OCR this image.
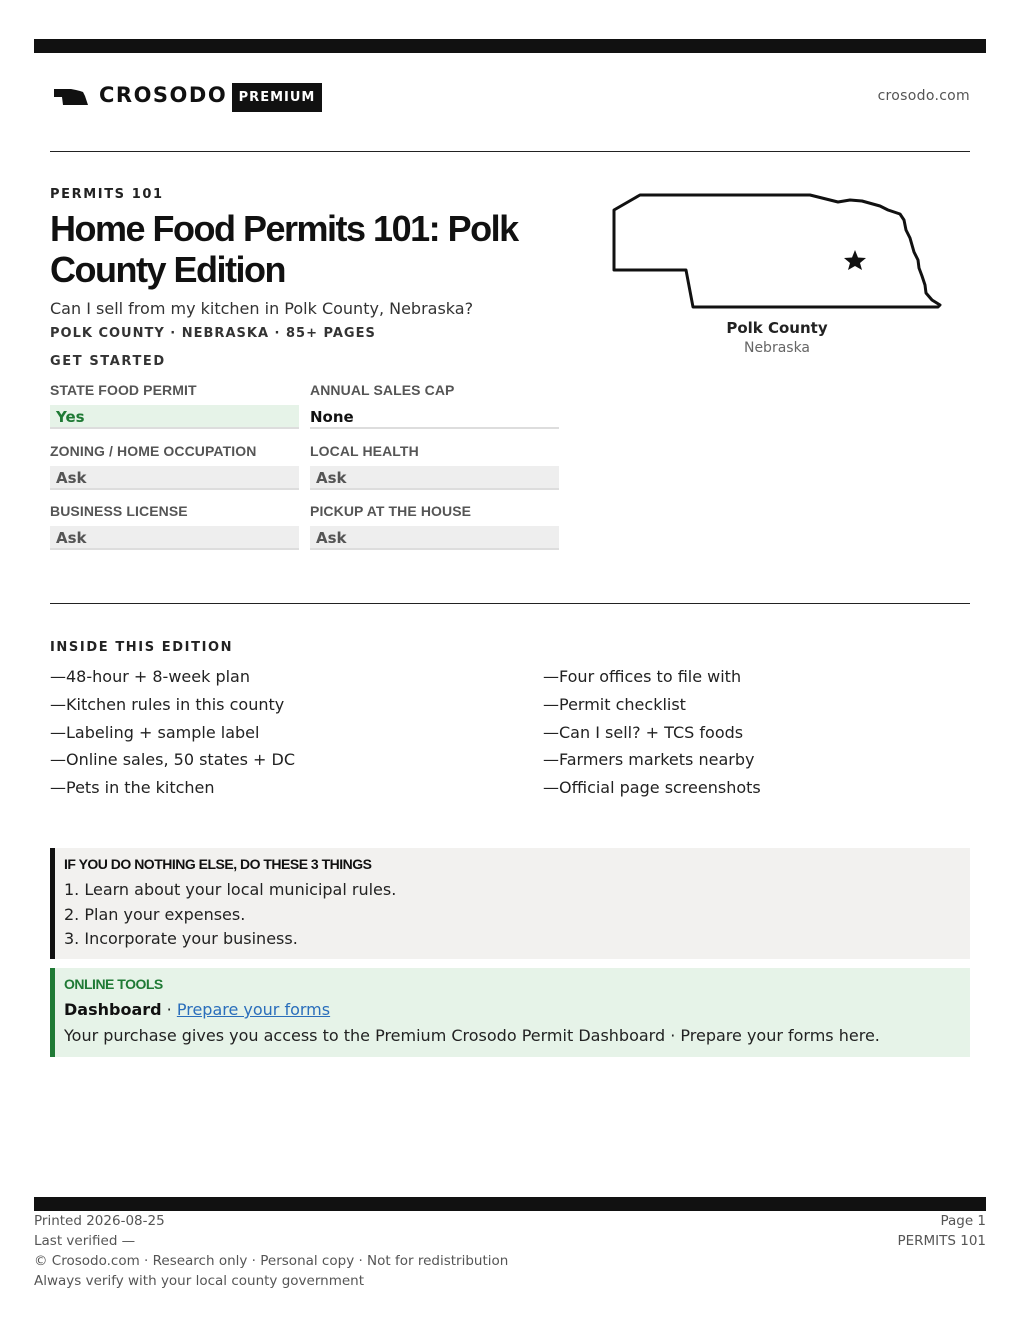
CROSODO PREMIUM	crosodo.com
PERMITS 101
Home Food Permits 101: Polk County Edition
Can I sell from my kitchen in Polk County, Nebraska?
POLK COUNTY · NEBRASKA · 85+ PAGES
GET STARTED
STATE FOOD PERMIT
Yes
ANNUAL SALES CAP
None
ZONING / HOME OCCUPATION
Ask
LOCAL HEALTH
Ask
BUSINESS LICENSE
Ask
PICKUP AT THE HOUSE
Ask
Polk County
Nebraska
INSIDE THIS EDITION
—48-hour + 8-week plan
—Kitchen rules in this county
—Labeling + sample label
—Online sales, 50 states + DC
—Pets in the kitchen
—Four offices to file with
—Permit checklist
—Can I sell? + TCS foods
—Farmers markets nearby
—Official page screenshots
IF YOU DO NOTHING ELSE, DO THESE 3 THINGS
1. Learn about your local municipal rules.
2. Plan your expenses.
3. Incorporate your business.
ONLINE TOOLS
Dashboard · Prepare your forms
Your purchase gives you access to the Premium Crosodo Permit Dashboard · Prepare your forms here.
Printed 2026-08-25
Last verified —
© Crosodo.com · Research only · Personal copy · Not for redistribution
Always verify with your local county government
Page 1
PERMITS 101
